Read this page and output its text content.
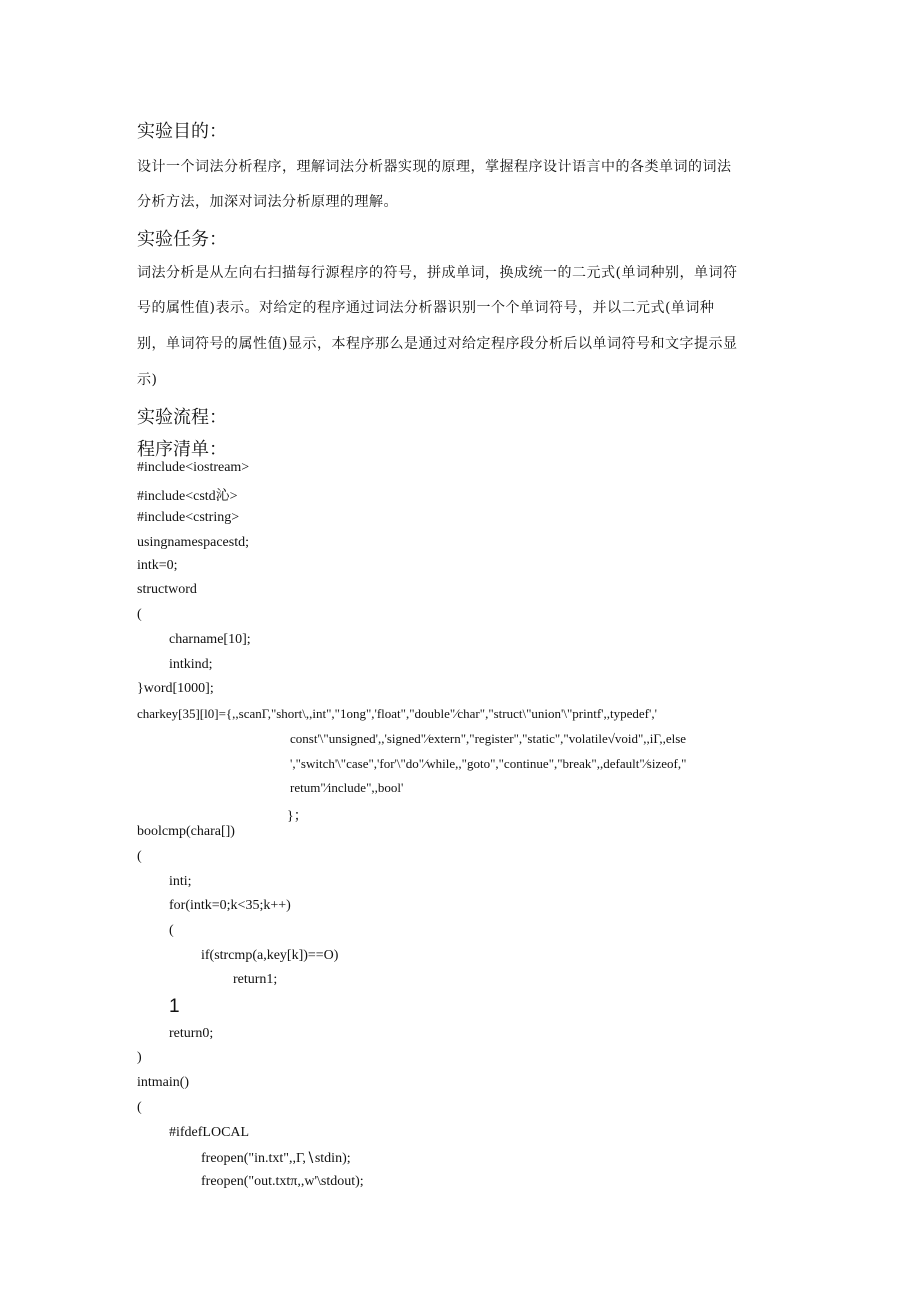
实验目的：
设计一个词法分析程序，理解词法分析器实现的原理，掌握程序设计语言中的各类单词的词法
分析方法，加深对词法分析原理的理解。
实验任务：
词法分析是从左向右扫描每行源程序的符号，拼成单词，换成统一的二元式(单词种别，单词符
号的属性值)表示。对给定的程序通过词法分析器识别一个个单词符号，并以二元式(单词种
别，单词符号的属性值)显示，本程序那么是通过对给定程序段分析后以单词符号和文字提示显
示)
实验流程：
程序清单：
#include<iostream>
#include<cstd沁>
#include<cstring>
usingnamespacestd;
intk=0;
structword
(
charname[10];
intkind;
}word[1000];
charkey[35][l0]={,,scanΓ,"short\,,int","1ong",'float","double"∕char","struct\"union'\"printf',,typedef','
const'\"unsigned',,'signed"∕extern","register","static","volatile√void",,iΓ,,else
',"switch'\"case",'for'\"do"∕while,,"goto","continue","break",,default"∕sizeof,"
retum"∕include",,bool'
}；
boolcmp(chara[])
(
inti;
for(intk=0;k<35;k++)
(
if(strcmp(a,key[k])==O)
return1;
1
return0;
)
intmain()
(
#ifdefLOCAL
freopen("in.txt",,Γ,∖stdin);
freopen("out.txtπ,,w'\stdout);
